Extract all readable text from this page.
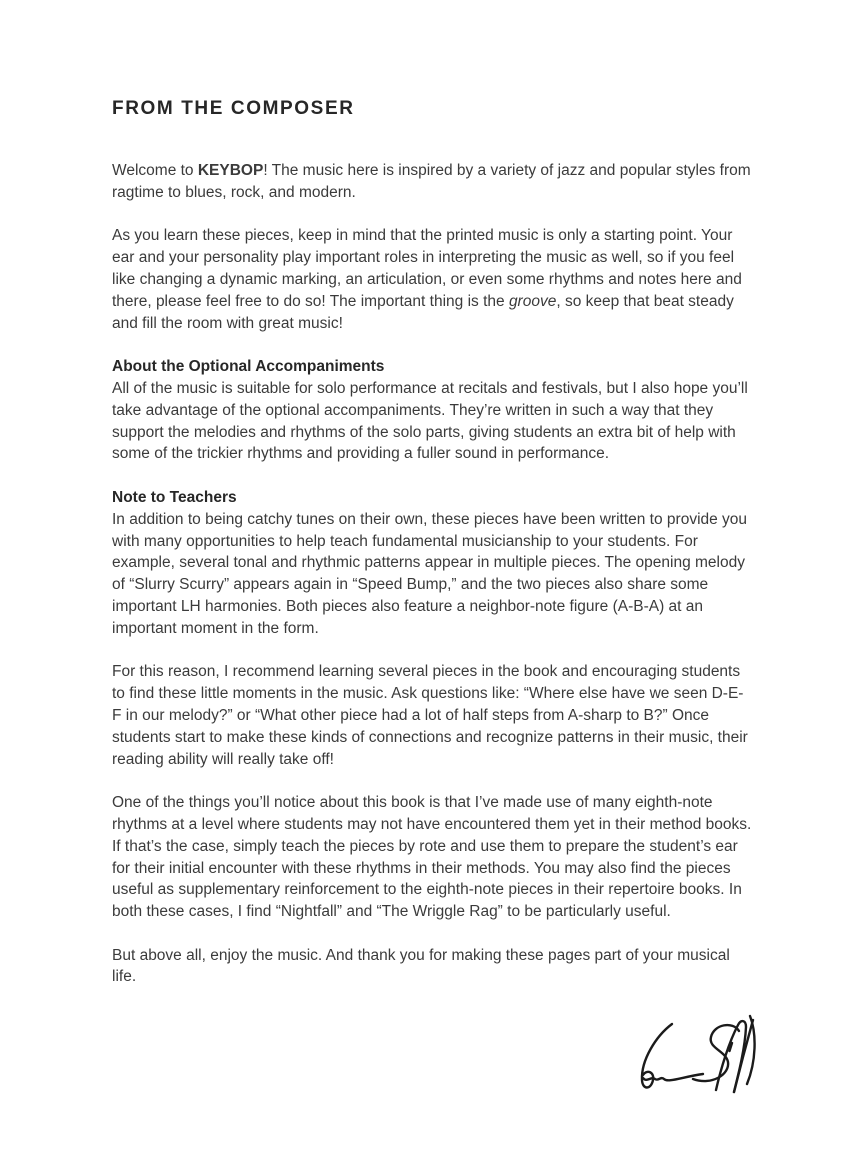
FROM THE COMPOSER

Welcome to KEYBOP! The music here is inspired by a variety of jazz and popular styles from ragtime to blues, rock, and modern.

As you learn these pieces, keep in mind that the printed music is only a starting point. Your ear and your personality play important roles in interpreting the music as well, so if you feel like changing a dynamic marking, an articulation, or even some rhythms and notes here and there, please feel free to do so! The important thing is the groove, so keep that beat steady and fill the room with great music!

About the Optional Accompaniments

All of the music is suitable for solo performance at recitals and festivals, but I also hope you’ll take advantage of the optional accompaniments. They’re written in such a way that they support the melodies and rhythms of the solo parts, giving students an extra bit of help with some of the trickier rhythms and providing a fuller sound in performance.

Note to Teachers

In addition to being catchy tunes on their own, these pieces have been written to provide you with many opportunities to help teach fundamental musicianship to your students. For example, several tonal and rhythmic patterns appear in multiple pieces. The opening melody of “Slurry Scurry” appears again in “Speed Bump,” and the two pieces also share some important LH harmonies. Both pieces also feature a neighbor-note figure (A-B-A) at an important moment in the form.

For this reason, I recommend learning several pieces in the book and encouraging students to find these little moments in the music. Ask questions like: “Where else have we seen D-E-F in our melody?” or “What other piece had a lot of half steps from A-sharp to B?” Once students start to make these kinds of connections and recognize patterns in their music, their reading ability will really take off!

One of the things you’ll notice about this book is that I’ve made use of many eighth-note rhythms at a level where students may not have encountered them yet in their method books. If that’s the case, simply teach the pieces by rote and use them to prepare the student’s ear for their initial encounter with these rhythms in their methods. You may also find the pieces useful as supplementary reinforcement to the eighth-note pieces in their repertoire books. In both these cases, I find “Nightfall” and “The Wriggle Rag” to be particularly useful.

But above all, enjoy the music. And thank you for making these pages part of your musical life.
